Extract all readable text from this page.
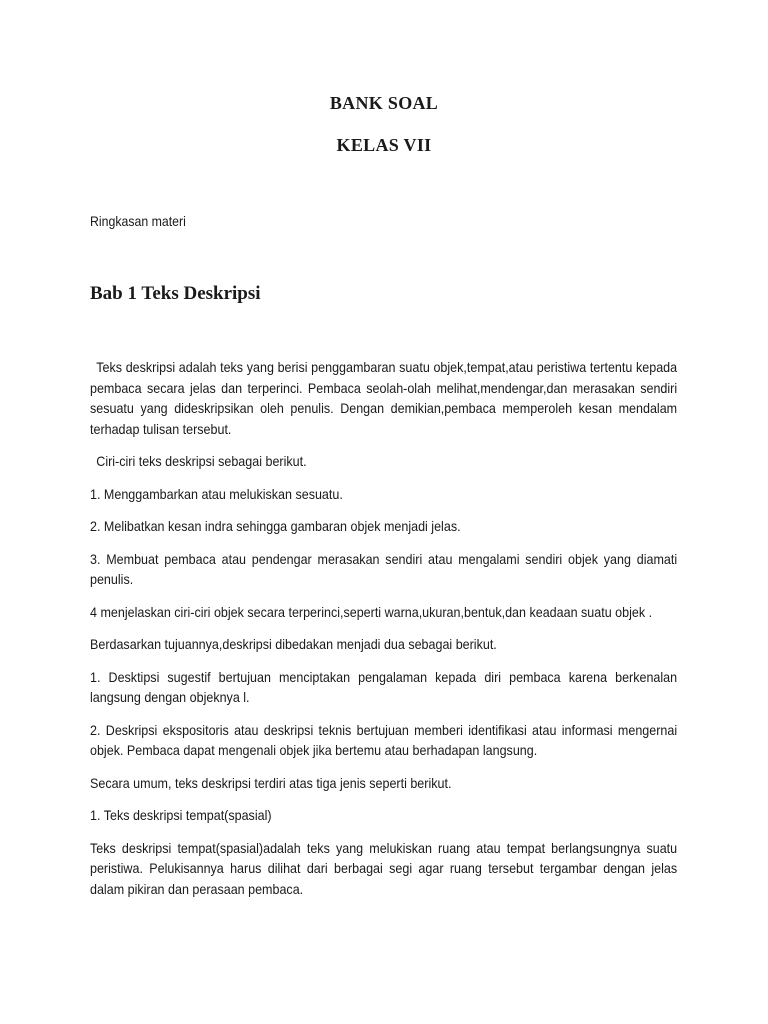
BANK SOAL
KELAS VII
Ringkasan materi
Bab 1 Teks Deskripsi

Teks deskripsi adalah teks yang berisi penggambaran suatu objek,tempat,atau peristiwa tertentu kepada pembaca secara jelas dan terperinci. Pembaca seolah-olah melihat,mendengar,dan merasakan sendiri sesuatu yang dideskripsikan oleh penulis. Dengan demikian,pembaca memperoleh kesan mendalam terhadap tulisan tersebut.

Ciri-ciri teks deskripsi sebagai berikut.

1. Menggambarkan atau melukiskan sesuatu.

2. Melibatkan kesan indra sehingga gambaran objek menjadi jelas.

3. Membuat pembaca atau pendengar merasakan sendiri atau mengalami sendiri objek yang diamati penulis.

4 menjelaskan ciri-ciri objek secara terperinci,seperti warna,ukuran,bentuk,dan keadaan suatu objek .

Berdasarkan tujuannya,deskripsi dibedakan menjadi dua sebagai berikut.

1. Desktipsi sugestif bertujuan menciptakan pengalaman kepada diri pembaca karena berkenalan langsung dengan objeknya l.

2. Deskripsi ekspositoris atau deskripsi teknis bertujuan memberi identifikasi atau informasi mengernai objek. Pembaca dapat mengenali objek jika bertemu atau berhadapan langsung.

Secara umum, teks deskripsi terdiri atas tiga jenis seperti berikut.

1. Teks deskripsi tempat(spasial)

Teks deskripsi tempat(spasial)adalah teks yang melukiskan ruang atau tempat berlangsungnya suatu peristiwa. Pelukisannya harus dilihat dari berbagai segi agar ruang tersebut tergambar dengan jelas dalam pikiran dan perasaan pembaca.
